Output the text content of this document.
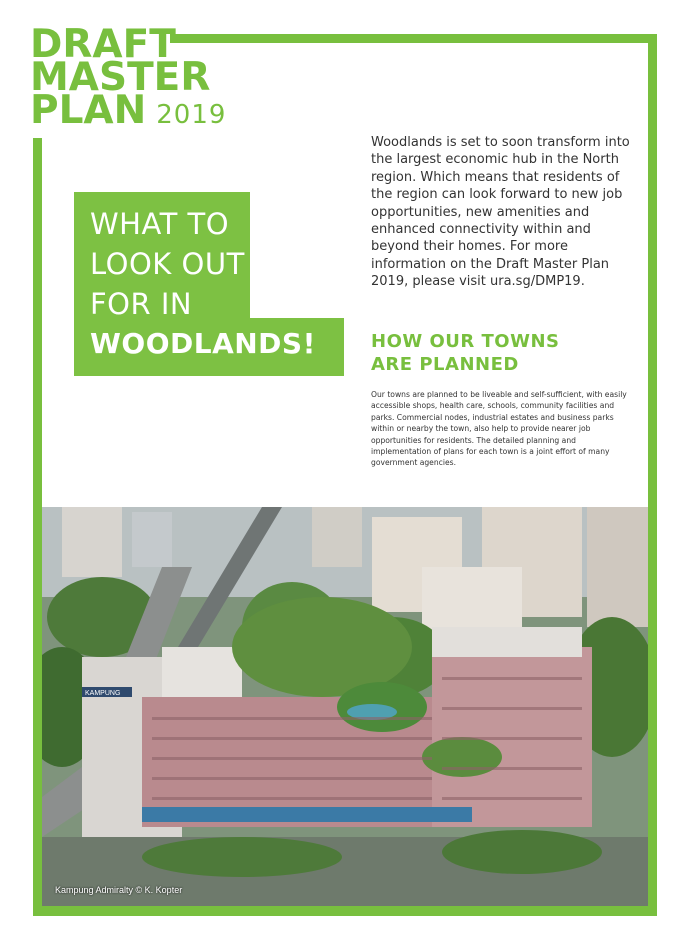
DRAFT
MASTER
PLAN 2019
WHAT TO
LOOK OUT
FOR IN
WOODLANDS!
Woodlands is set to soon transform into the largest economic hub in the North region. Which means that residents of the region can look forward to new job opportunities, new amenities and enhanced connectivity within and beyond their homes. For more information on the Draft Master Plan 2019, please visit ura.sg/DMP19.
HOW OUR TOWNS
ARE PLANNED
Our towns are planned to be liveable and self-sufficient, with easily accessible shops, health care, schools, community facilities and parks. Commercial nodes, industrial estates and business parks within or nearby the town, also help to provide nearer job opportunities for residents. The detailed planning and implementation of plans for each town is a joint effort of many government agencies.
KAMPUNG
Kampung Admiralty © K. Kopter
